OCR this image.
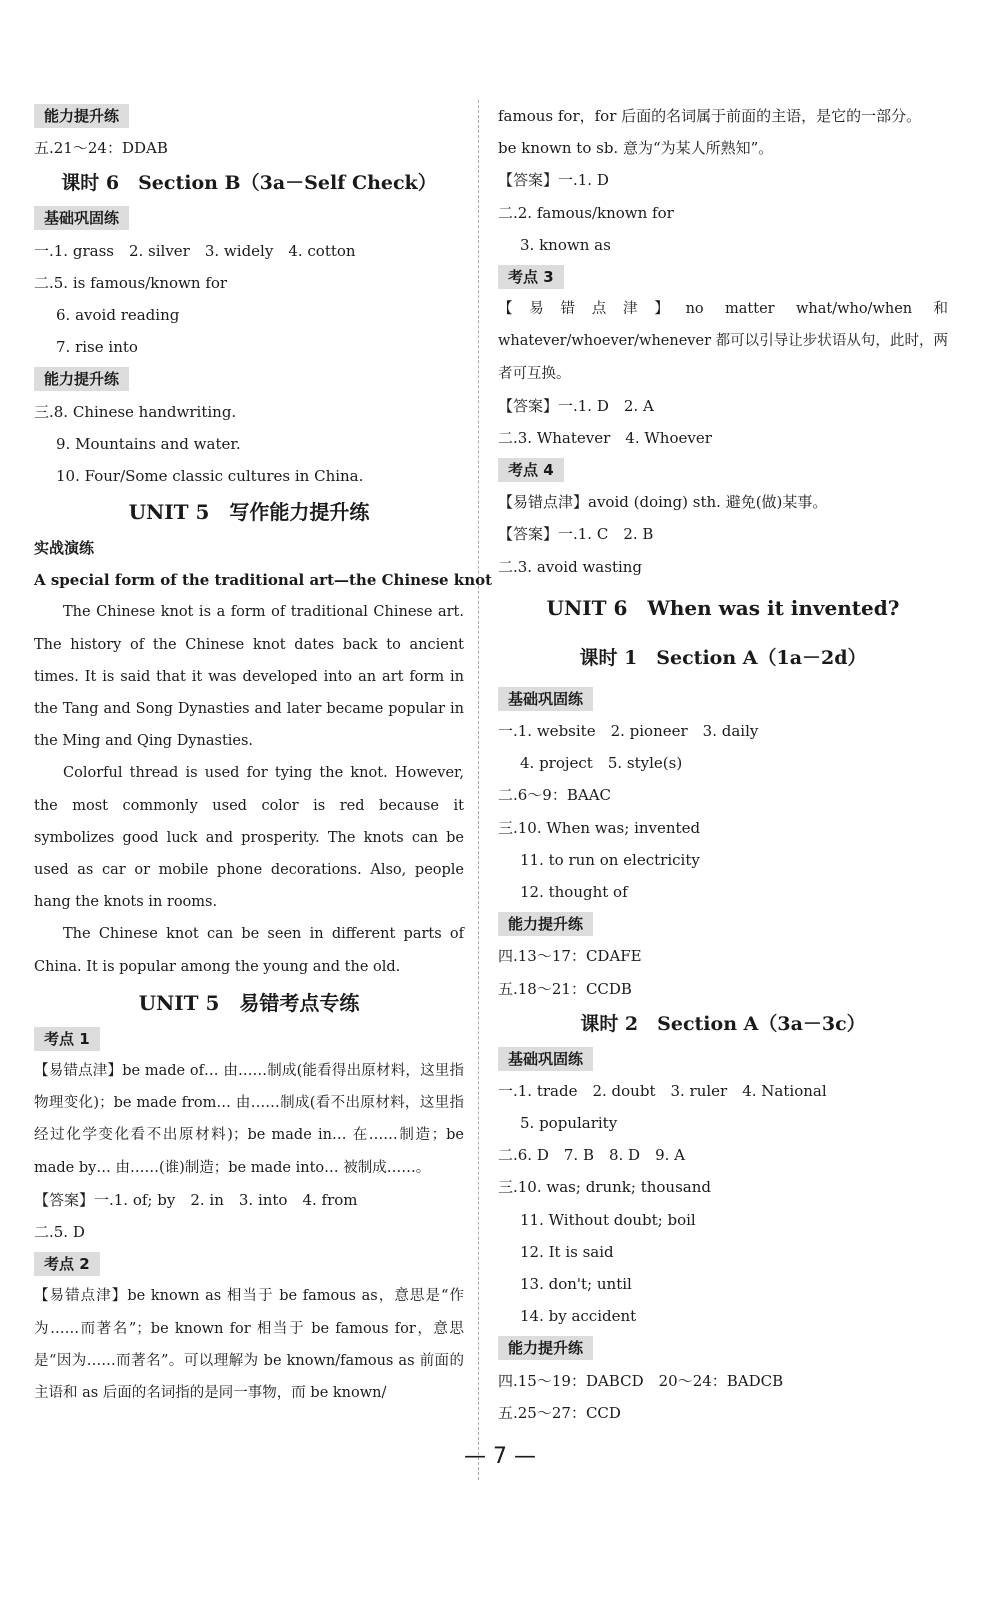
能力提升练
五.21～24：DDAB
课时 6　Section B（3a－Self Check）
基础巩固练
一.1. grass　2. silver　3. widely　4. cotton
二.5. is famous/known for
6. avoid reading
7. rise into
能力提升练
三.8. Chinese handwriting.
9. Mountains and water.
10. Four/Some classic cultures in China.
UNIT 5　写作能力提升练
实战演练
A special form of the traditional art—the Chinese knot

The Chinese knot is a form of traditional Chinese art. The history of the Chinese knot dates back to ancient times. It is said that it was developed into an art form in the Tang and Song Dynasties and later became popular in the Ming and Qing Dynasties.

Colorful thread is used for tying the knot. However, the most commonly used color is red because it symbolizes good luck and prosperity. The knots can be used as car or mobile phone decorations. Also, people hang the knots in rooms.

The Chinese knot can be seen in different parts of China. It is popular among the young and the old.

UNIT 5　易错考点专练
考点 1

【易错点津】be made of… 由……制成(能看得出原材料，这里指物理变化)；be made from… 由……制成(看不出原材料，这里指经过化学变化看不出原材料)；be made in… 在……制造；be made by… 由……(谁)制造；be made into… 被制成……。

【答案】一.1. of; by　2. in　3. into　4. from
二.5. D
考点 2

【易错点津】be known as 相当于 be famous as，意思是“作为……而著名”；be known for 相当于 be famous for，意思是“因为……而著名”。可以理解为 be known/famous as 前面的主语和 as 后面的名词指的是同一事物，而 be known/

famous for，for 后面的名词属于前面的主语，是它的一部分。
be known to sb. 意为“为某人所熟知”。
【答案】一.1. D
二.2. famous/known for
3. known as
考点 3

【易错点津】no matter what/who/when 和 whatever/whoever/whenever 都可以引导让步状语从句，此时，两者可互换。

【答案】一.1. D　2. A
二.3. Whatever　4. Whoever
考点 4
【易错点津】avoid (doing) sth. 避免(做)某事。
【答案】一.1. C　2. B
二.3. avoid wasting
UNIT 6　When was it invented?
课时 1　Section A（1a－2d）
基础巩固练
一.1. website　2. pioneer　3. daily
4. project　5. style(s)
二.6～9：BAAC
三.10. When was; invented
11. to run on electricity
12. thought of
能力提升练
四.13～17：CDAFE
五.18～21：CCDB
课时 2　Section A（3a－3c）
基础巩固练
一.1. trade　2. doubt　3. ruler　4. National
5. popularity
二.6. D　7. B　8. D　9. A
三.10. was; drunk; thousand
11. Without doubt; boil
12. It is said
13. don't; until
14. by accident
能力提升练
四.15～19：DABCD　20～24：BADCB
五.25～27：CCD
— 7 —
